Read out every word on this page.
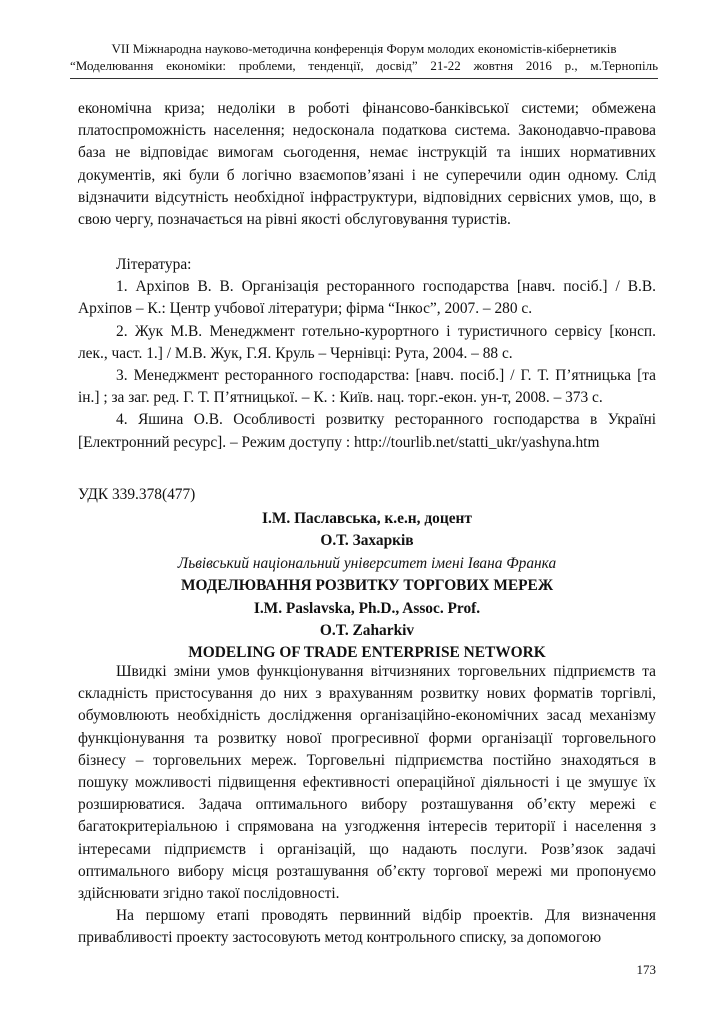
VII Міжнародна науково-методична конференція Форум молодих економістів-кібернетиків
“Моделювання економіки: проблеми, тенденції, досвід” 21-22 жовтня 2016 р., м.Тернопіль

економічна криза; недоліки в роботі фінансово-банківської системи; обмежена платоспроможність населення; недосконала податкова система. Законодавчо-правова база не відповідає вимогам сьогодення, немає інструкцій та інших нормативних документів, які були б логічно взаємопов’язані і не суперечили один одному. Слід відзначити відсутність необхідної інфраструктури, відповідних сервісних умов, що, в свою чергу, позначається на рівні якості обслуговування туристів.

Література:

1. Архіпов В. В. Організація ресторанного господарства [навч. посіб.] / В.В. Архіпов – К.: Центр учбової літератури; фірма “Інкос”, 2007. – 280 с.

2. Жук М.В. Менеджмент готельно-курортного і туристичного сервісу [консп. лек., част. 1.] / М.В. Жук, Г.Я. Круль – Чернівці: Рута, 2004. – 88 с.

3. Менеджмент ресторанного господарства: [навч. посіб.] / Г. Т. П’ятницька [та ін.] ; за заг. ред. Г. Т. П’ятницької. – К. : Київ. нац. торг.-екон. ун-т, 2008. – 373 с.

4. Яшина О.В. Особливості розвитку ресторанного господарства в Україні [Електронний ресурс]. – Режим доступу : http://tourlib.net/statti_ukr/yashyna.htm

УДК 339.378(477)
І.М. Паславська, к.е.н, доцент
О.Т. Захарків
Львівський національний університет імені Івана Франка
МОДЕЛЮВАННЯ РОЗВИТКУ ТОРГОВИХ МЕРЕЖ
I.M. Paslavska, Ph.D., Assoc. Prof.
O.T. Zaharkiv
MODELING OF TRADE ENTERPRISE NETWORK

Швидкі зміни умов функціонування вітчизняних торговельних підприємств та складність пристосування до них з врахуванням розвитку нових форматів торгівлі, обумовлюють необхідність дослідження організаційно-економічних засад механізму функціонування та розвитку нової прогресивної форми організації торговельного бізнесу – торговельних мереж. Торговельні підприємства постійно знаходяться в пошуку можливості підвищення ефективності операційної діяльності і це змушує їх розширюватися. Задача оптимального вибору розташування об’єкту мережі є багатокритеріальною і спрямована на узгодження інтересів території і населення з інтересами підприємств і організацій, що надають послуги. Розв’язок задачі оптимального вибору місця розташування об’єкту торгової мережі ми пропонуємо здійснювати згідно такої послідовності.

На першому етапі проводять первинний відбір проектів. Для визначення привабливості проекту застосовують метод контрольного списку, за допомогою

173
